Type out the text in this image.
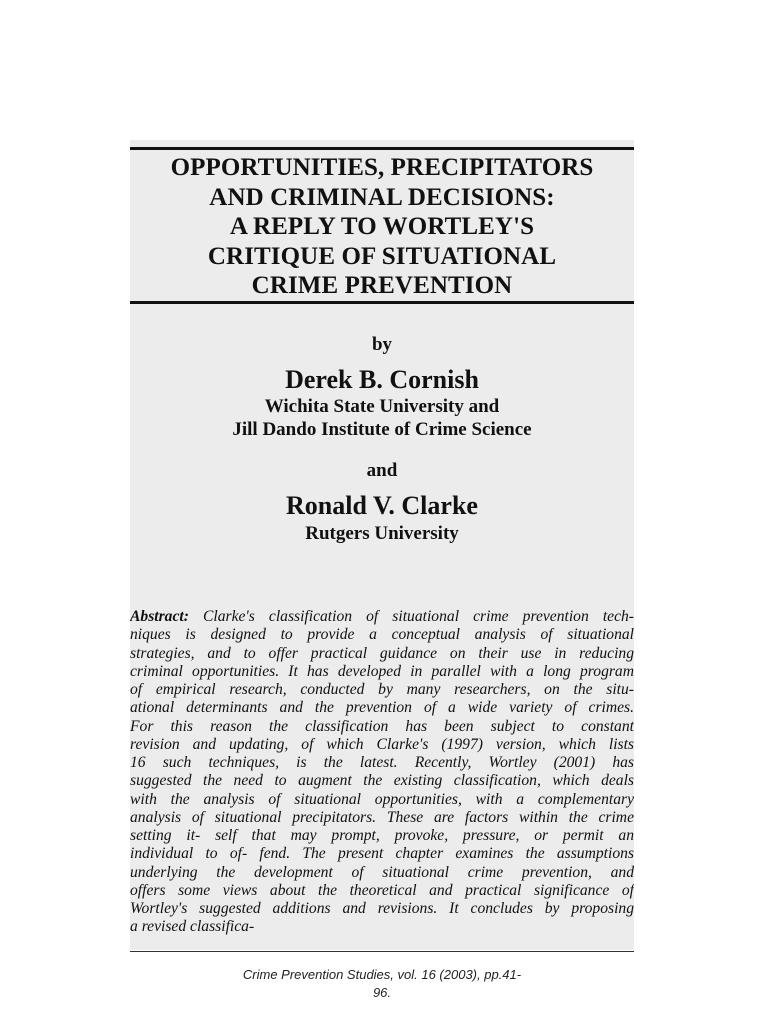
OPPORTUNITIES, PRECIPITATORS
AND CRIMINAL DECISIONS:
A REPLY TO WORTLEY'S
CRITIQUE OF SITUATIONAL
CRIME PREVENTION
by
Derek B. Cornish
Wichita State University and
Jill Dando Institute of Crime Science
and
Ronald V. Clarke
Rutgers University
Abstract: Clarke's classification of situational crime prevention tech-
niques is designed to provide a conceptual analysis of situational
strategies, and to offer practical guidance on their use in reducing
criminal opportunities. It has developed in parallel with a long program
of empirical research, conducted by many researchers, on the situ-
ational determinants and the prevention of a wide variety of crimes.
For this reason the classification has been subject to constant
revision and updating, of which Clarke's (1997) version, which lists
16 such techniques, is the latest. Recently, Wortley (2001) has
suggested the need to augment the existing classification, which deals
with the analysis of situational opportunities, with a complementary
analysis of situational precipitators. These are factors within the crime
setting it- self that may prompt, provoke, pressure, or permit an
individual to of- fend. The present chapter examines the assumptions
underlying the development of situational crime prevention, and
offers some views about the theoretical and practical significance of
Wortley's suggested additions and revisions. It concludes by proposing
a revised classifica-
Crime Prevention Studies, vol. 16 (2003), pp.41-
96.
